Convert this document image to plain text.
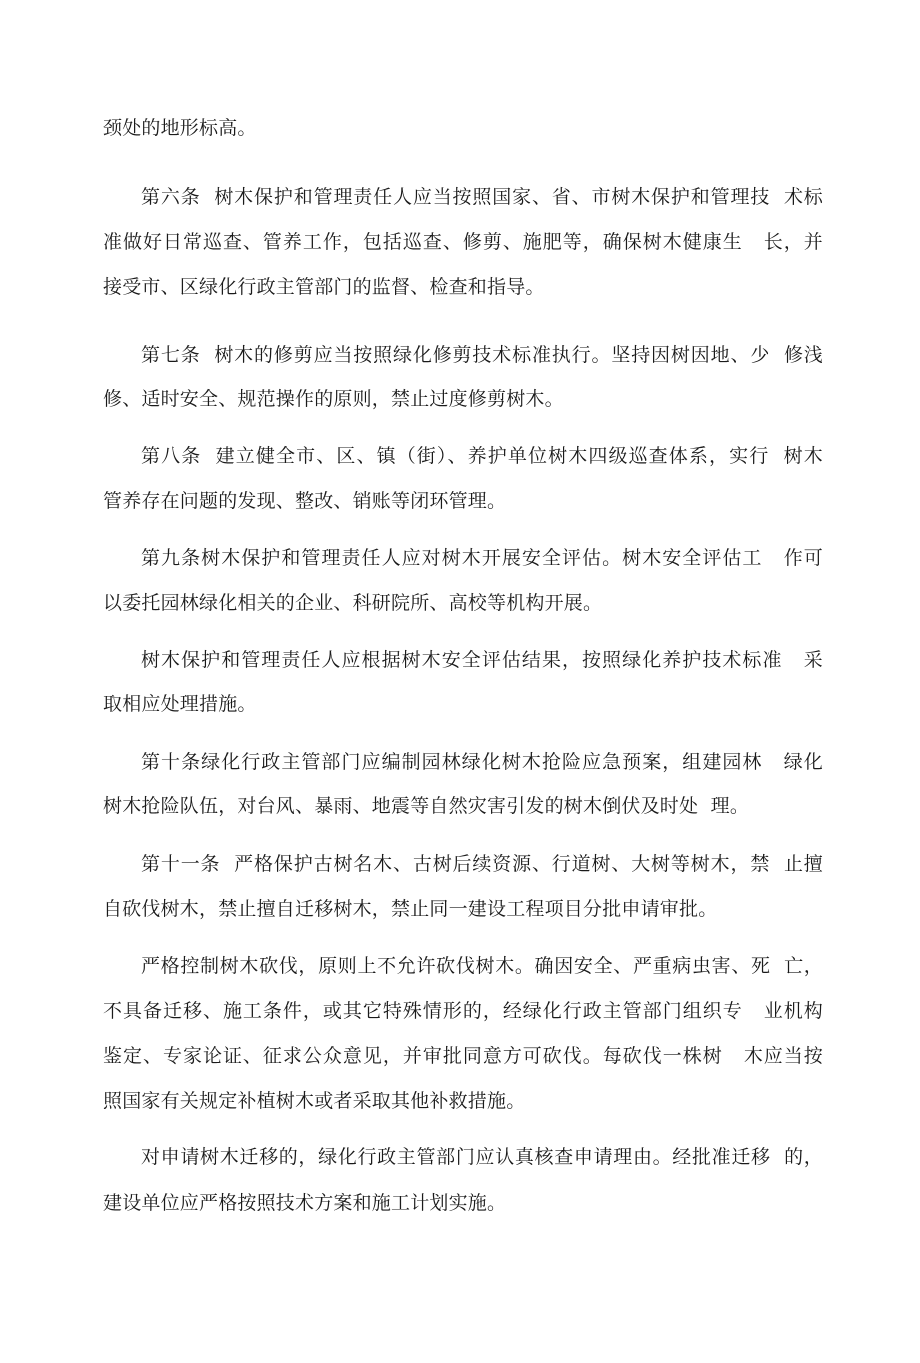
颈处的地形标高。
第六条  树木保护和管理责任人应当按照国家、省、市树木保护和管理技  术标
准做好日常巡查、管养工作，包括巡查、修剪、施肥等，确保树木健康生   长，并
接受市、区绿化行政主管部门的监督、检查和指导。
第七条  树木的修剪应当按照绿化修剪技术标准执行。坚持因树因地、少  修浅
修、适时安全、规范操作的原则，禁止过度修剪树木。
第八条  建立健全市、区、镇（街）、养护单位树木四级巡查体系，实行  树木
管养存在问题的发现、整改、销账等闭环管理。
第九条树木保护和管理责任人应对树木开展安全评估。树木安全评估工   作可
以委托园林绿化相关的企业、科研院所、高校等机构开展。
树木保护和管理责任人应根据树木安全评估结果，按照绿化养护技术标准   采
取相应处理措施。
第十条绿化行政主管部门应编制园林绿化树木抢险应急预案，组建园林   绿化
树木抢险队伍，对台风、暴雨、地震等自然灾害引发的树木倒伏及时处  理。
第十一条  严格保护古树名木、古树后续资源、行道树、大树等树木，禁  止擅
自砍伐树木，禁止擅自迁移树木，禁止同一建设工程项目分批申请审批。
严格控制树木砍伐，原则上不允许砍伐树木。确因安全、严重病虫害、死  亡，
不具备迁移、施工条件，或其它特殊情形的，经绿化行政主管部门组织专   业机构
鉴定、专家论证、征求公众意见，并审批同意方可砍伐。每砍伐一株树   木应当按
照国家有关规定补植树木或者采取其他补救措施。
对申请树木迁移的，绿化行政主管部门应认真核查申请理由。经批准迁移  的，
建设单位应严格按照技术方案和施工计划实施。
